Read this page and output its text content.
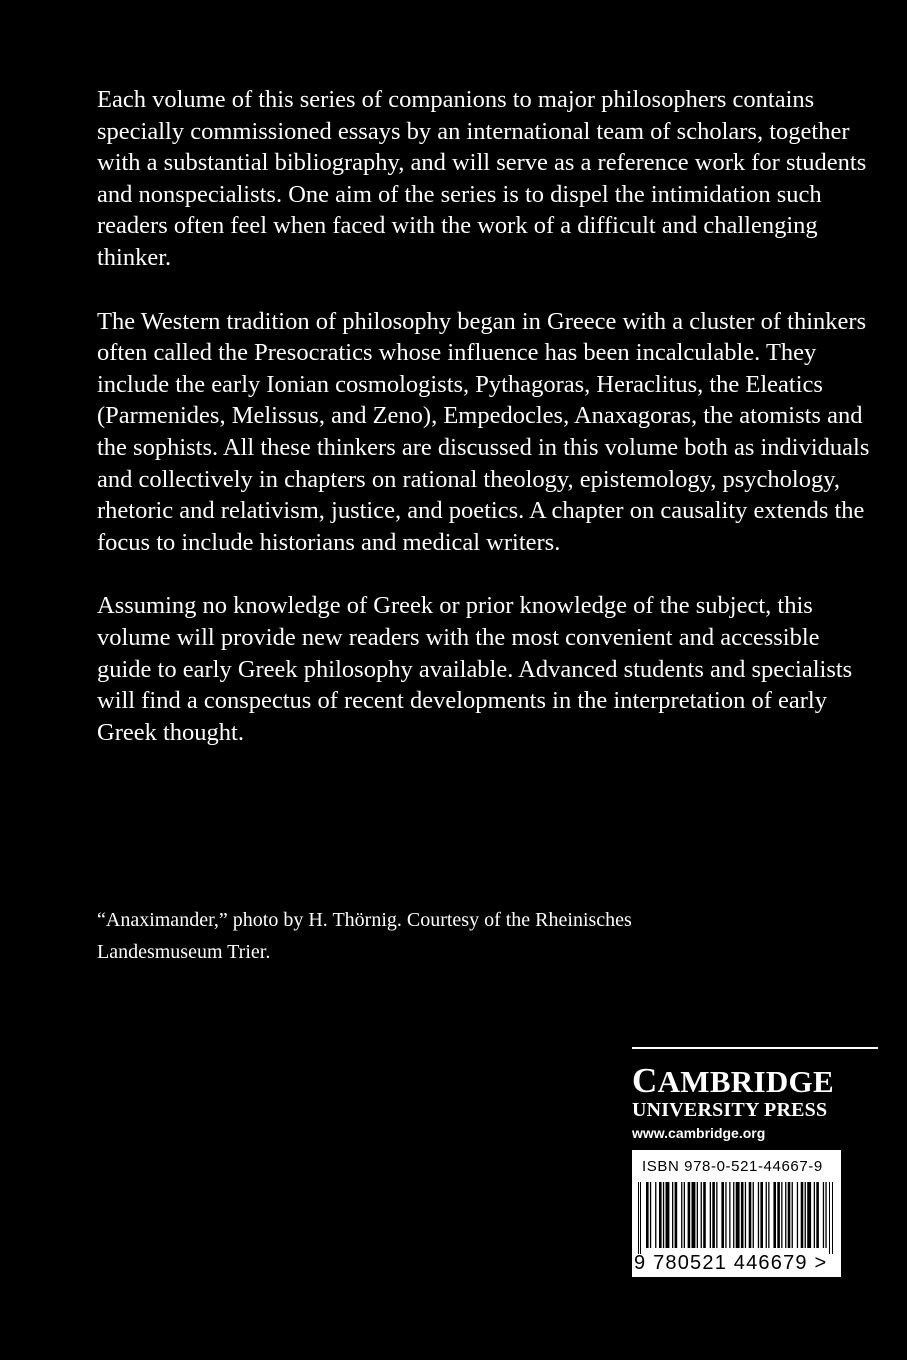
Each volume of this series of companions to major philosophers contains specially commissioned essays by an international team of scholars, together with a substantial bibliography, and will serve as a reference work for students and nonspecialists. One aim of the series is to dispel the intimidation such readers often feel when faced with the work of a difficult and challenging thinker.

The Western tradition of philosophy began in Greece with a cluster of thinkers often called the Presocratics whose influence has been incalculable. They include the early Ionian cosmologists, Pythagoras, Heraclitus, the Eleatics (Parmenides, Melissus, and Zeno), Empedocles, Anaxagoras, the atomists and the sophists. All these thinkers are discussed in this volume both as individuals and collectively in chapters on rational theology, epistemology, psychology, rhetoric and relativism, justice, and poetics. A chapter on causality extends the focus to include historians and medical writers.

Assuming no knowledge of Greek or prior knowledge of the subject, this volume will provide new readers with the most convenient and accessible guide to early Greek philosophy available. Advanced students and specialists will find a conspectus of recent developments in the interpretation of early Greek thought.

“Anaximander,” photo by H. Thörnig. Courtesy of the Rheinisches
Landesmuseum Trier.
CAMBRIDGE
UNIVERSITY PRESS
www.cambridge.org
ISBN 978-0-521-44667-9
9 780521 446679 >
